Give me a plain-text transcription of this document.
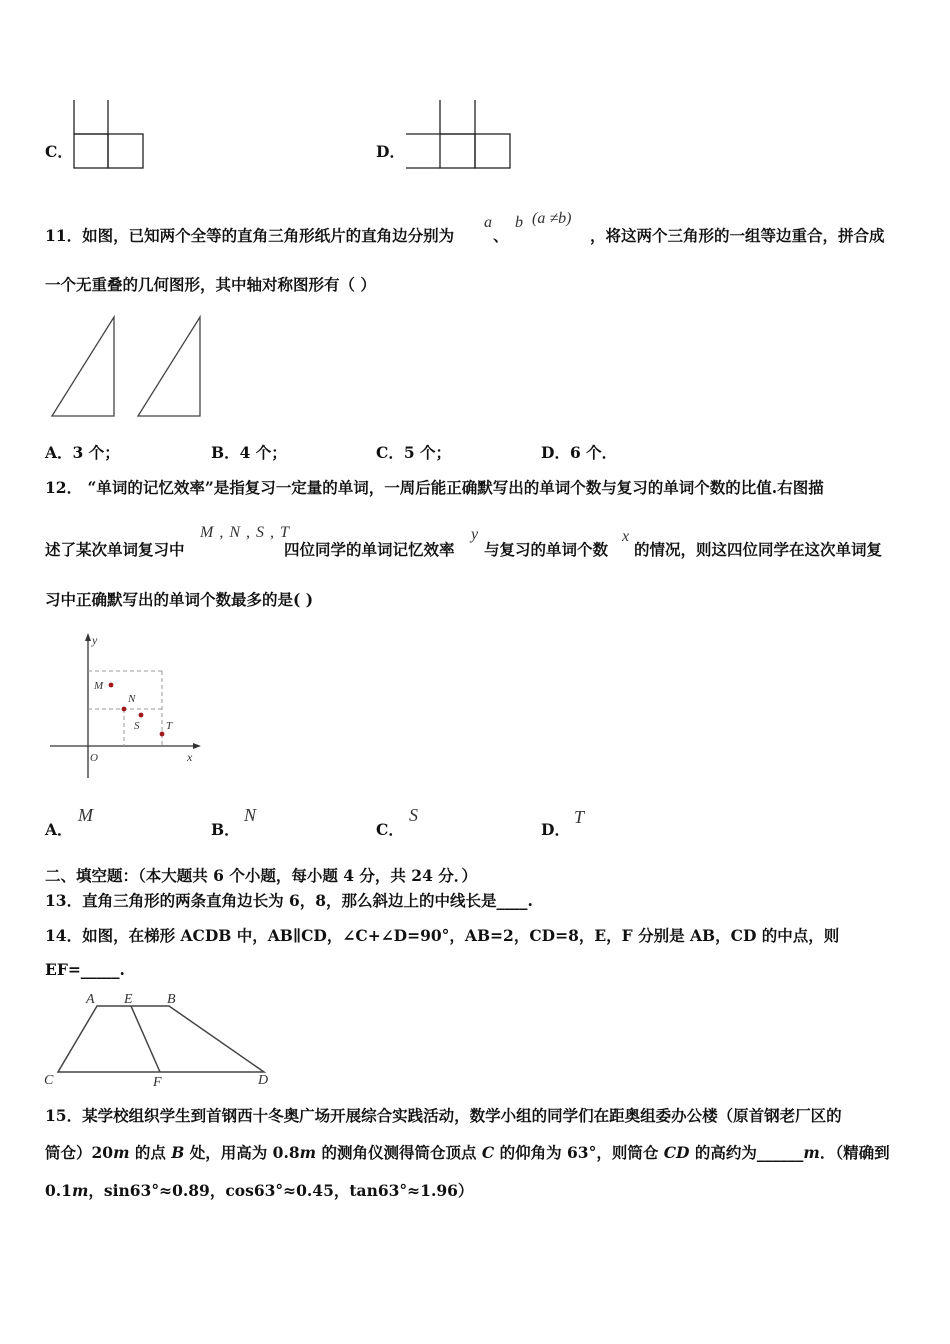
C．	D．
11．如图，已知两个全等的直角三角形纸片的直角边分别为
a
、
b (a ≠b)
，将这两个三角形的一组等边重合，拼合成
一个无重叠的几何图形，其中轴对称图形有（ ）
A．3 个；	B．4 个；	C．5 个；	D．6 个．
12． “单词的记忆效率”是指复习一定量的单词，一周后能正确默写出的单词个数与复习的单词个数的比值.右图描
述了某次单词复习中
M , N , S , T
四位同学的单词记忆效率
y
与复习的单词个数
x
的情况，则这四位同学在这次单词复
习中正确默写出的单词个数最多的是( )
y
x
O
M
N
S T
A．
M
B．
N
C．
S
D．
T
二、填空题：（本大题共 6 个小题，每小题 4 分，共 24 分．）
13．直角三角形的两条直角边长为 6，8，那么斜边上的中线长是____.
14．如图，在梯形 ACDB 中，AB∥CD，∠C+∠D=90°，AB=2，CD=8，E，F 分别是 AB，CD 的中点，则
EF=_____.
A E B
C	F	D
15．某学校组织学生到首钢西十冬奥广场开展综合实践活动，数学小组的同学们在距奥组委办公楼（原首钢老厂区的
筒仓）20m 的点 B 处，用高为 0.8m 的测角仪测得筒仓顶点 C 的仰角为 63°，则筒仓 CD 的高约为______m．（精确到
0.1m，sin63°≈0.89，cos63°≈0.45，tan63°≈1.96）
